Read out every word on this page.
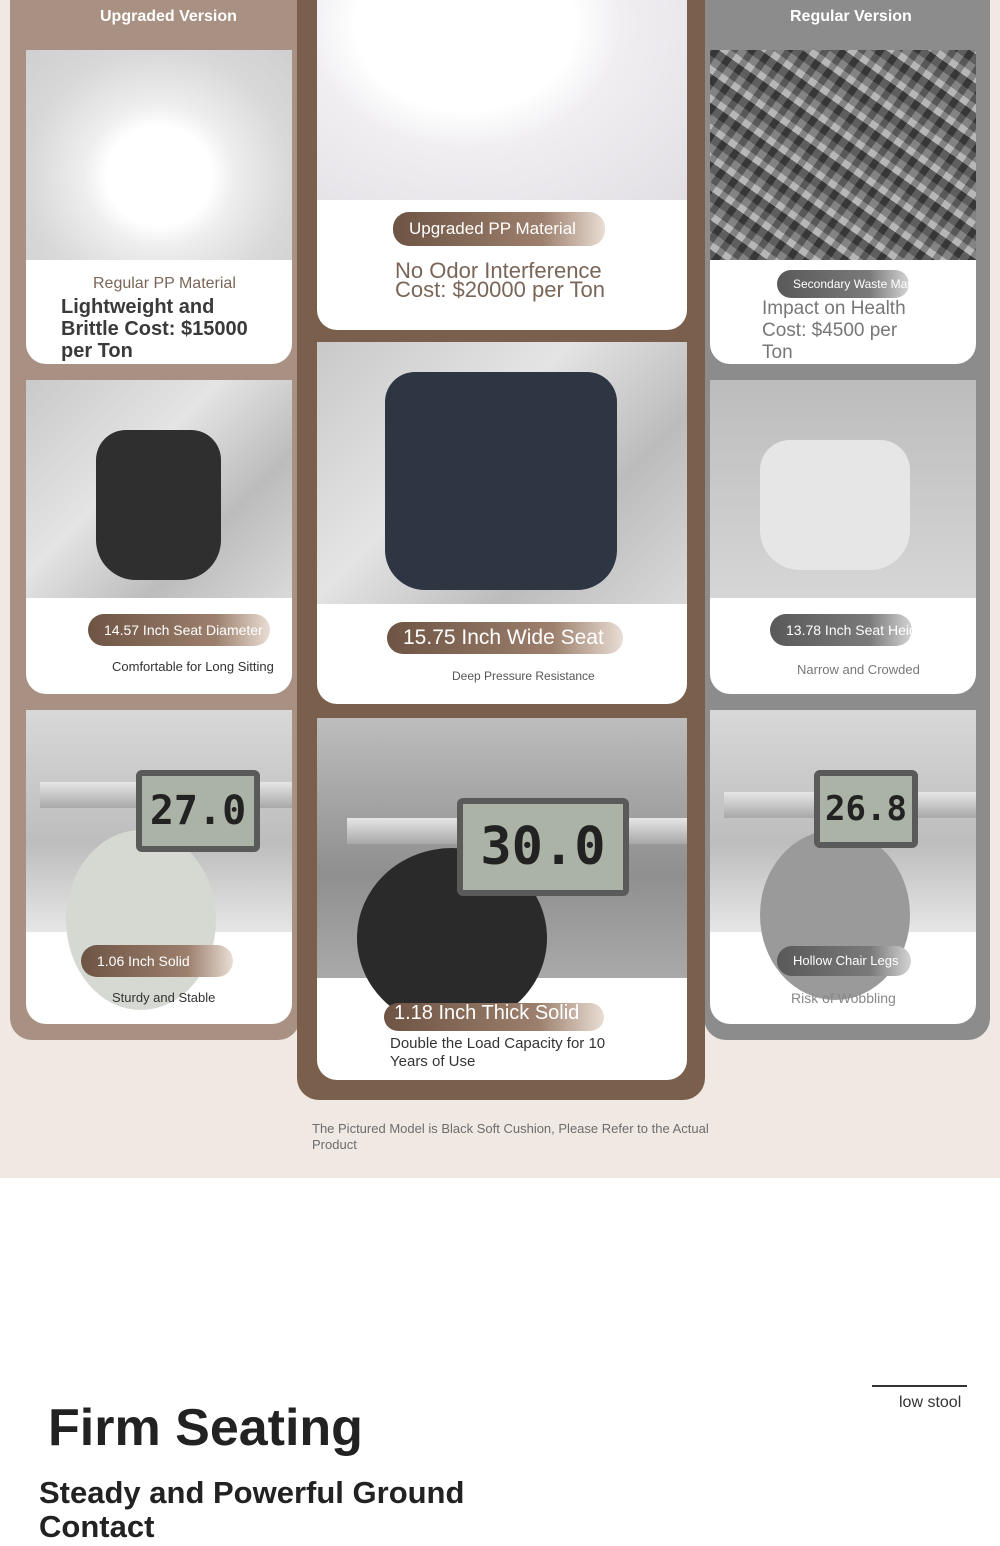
Upgraded Version	Regular Version
Regular PP Material
Lightweight and Brittle Cost: $15000 per Ton
14.57 Inch Seat Diameter
Comfortable for Long Sitting
27.0
1.06 Inch Solid
Sturdy and Stable
Upgraded PP Material
No Odor Interference Cost: $20000 per Ton
15.75 Inch Wide Seat
Deep Pressure Resistance
30.0
1.18 Inch Thick Solid
Double the Load Capacity for 10 Years of Use
Secondary Waste Material
Impact on Health Cost: $4500 per Ton
13.78 Inch Seat Height
Narrow and Crowded
26.8
Hollow Chair Legs
Risk of Wobbling
The Pictured Model is Black Soft Cushion, Please Refer to the Actual Product
low stool
Firm Seating
Steady and Powerful Ground Contact
